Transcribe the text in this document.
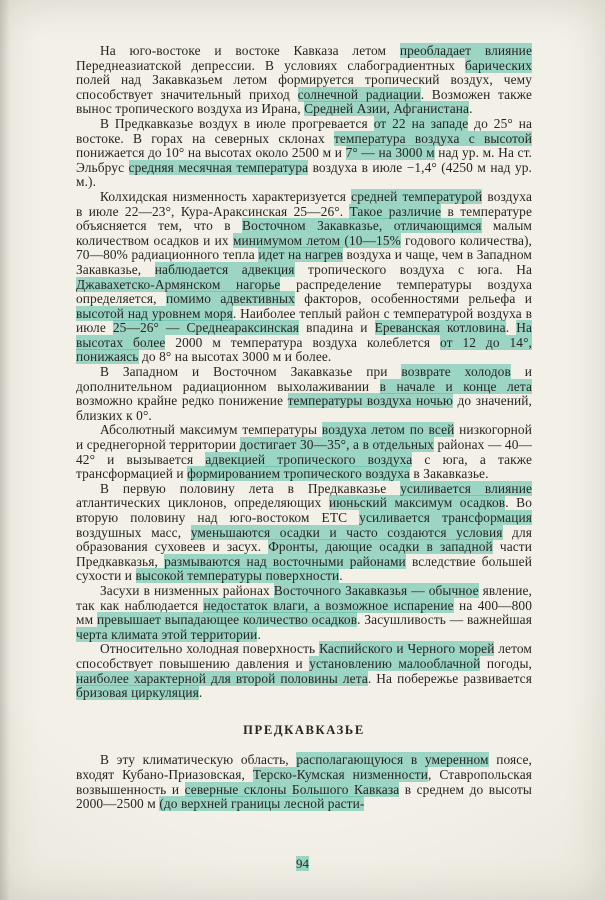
На юго-востоке и востоке Кавказа летом преобладает влияние Переднеазиатской депрессии. В условиях слабоградиентных барических полей над Закавказьем летом формируется тропический воздух, чему способствует значительный приход солнечной радиации. Возможен также вынос тропического воздуха из Ирана, Средней Азии, Афганистана.

В Предкавказье воздух в июле прогревается от 22 на западе до 25° на востоке. В горах на северных склонах температура воздуха с высотой понижается до 10° на высотах около 2500 м и 7° — на 3000 м над ур. м. На ст. Эльбрус средняя месячная температура воздуха в июле −1,4° (4250 м над ур. м.).

Колхидская низменность характеризуется средней температурой воздуха в июле 22—23°, Кура-Араксинская 25—26°. Такое различие в температуре объясняется тем, что в Восточном Закавказье, отличающимся малым количеством осадков и их минимумом летом (10—15% годового количества), 70—80% радиационного тепла идет на нагрев воздуха и чаще, чем в Западном Закавказье, наблюдается адвекция тропического воздуха с юга. На Джавахетско-Армянском нагорье распределение температуры воздуха определяется, помимо адвективных факторов, особенностями рельефа и высотой над уровнем моря. Наиболее теплый район с температурой воздуха в июле 25—26° — Среднеараксинская впадина и Ереванская котловина. На высотах более 2000 м температура воздуха колеблется от 12 до 14°, понижаясь до 8° на высотах 3000 м и более.

В Западном и Восточном Закавказье при возврате холодов и дополнительном радиационном выхолаживании в начале и конце лета возможно крайне редко понижение температуры воздуха ночью до значений, близких к 0°.

Абсолютный максимум температуры воздуха летом по всей низкогорной и среднегорной территории достигает 30—35°, а в отдельных районах — 40—42° и вызывается адвекцией тропического воздуха с юга, а также трансформацией и формированием тропического воздуха в Закавказье.

В первую половину лета в Предкавказье усиливается влияние атлантических циклонов, определяющих июньский максимум осадков. Во вторую половину над юго-востоком ЕТС усиливается трансформация воздушных масс, уменьшаются осадки и часто создаются условия для образования суховеев и засух. Фронты, дающие осадки в западной части Предкавказья, размываются над восточными районами вследствие большей сухости и высокой температуры поверхности.

Засухи в низменных районах Восточного Закавказья — обычное явление, так как наблюдается недостаток влаги, а возможное испарение на 400—800 мм превышает выпадающее количество осадков. Засушливость — важнейшая черта климата этой территории.

Относительно холодная поверхность Каспийского и Черного морей летом способствует повышению давления и установлению малооблачной погоды, наиболее характерной для второй половины лета. На побережье развивается бризовая циркуляция.

ПРЕДКАВКАЗЬЕ

В эту климатическую область, располагающуюся в умеренном поясе, входят Кубано-Приазовская, Терско-Кумская низменности, Ставропольская возвышенность и северные склоны Большого Кавказа в среднем до высоты 2000—2500 м (до верхней границы лесной расти-

94
